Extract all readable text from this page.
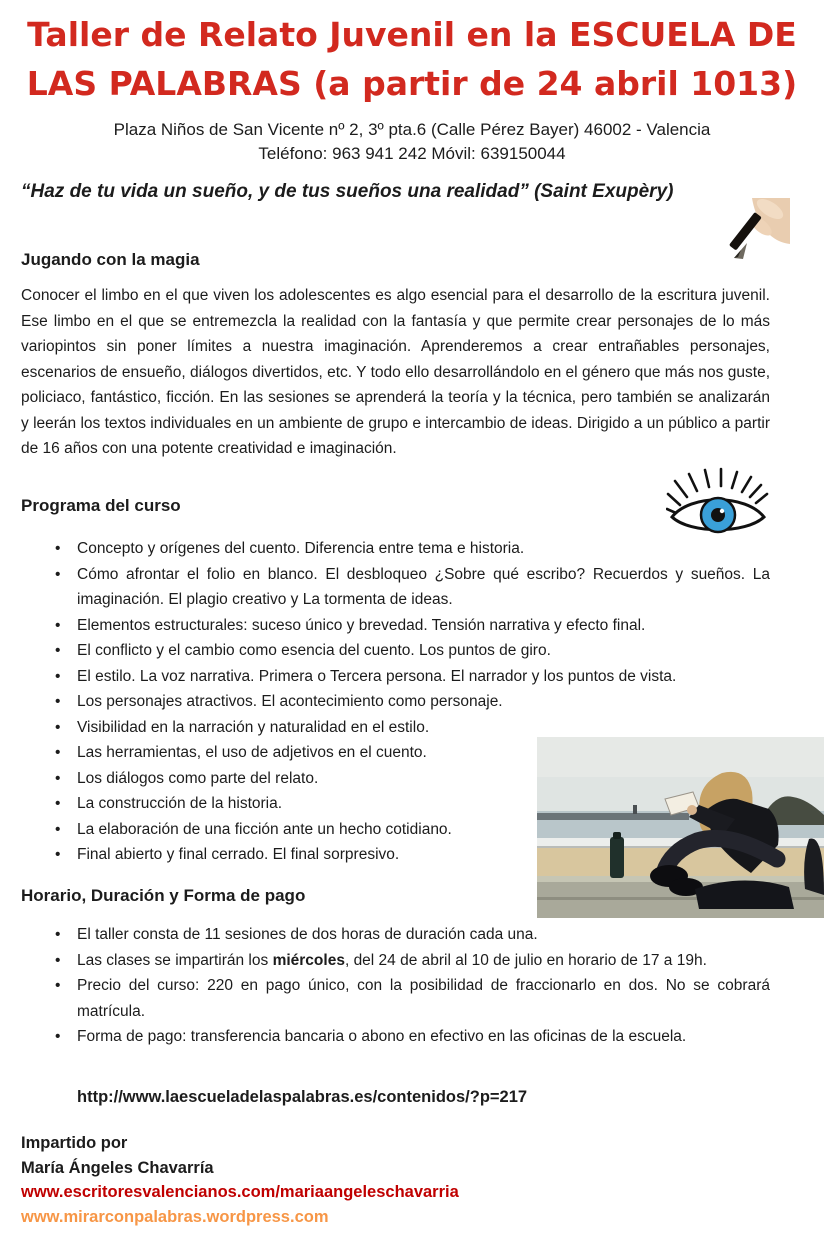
Taller de Relato Juvenil en la ESCUELA DE
LAS PALABRAS (a partir de 24 abril 1013)
Plaza Niños de San Vicente nº 2, 3º pta.6 (Calle Pérez Bayer) 46002 - Valencia
Teléfono: 963 941 242 Móvil: 639150044
“Haz de tu vida un sueño, y de tus sueños una realidad” (Saint Exupèry)
Jugando con la magia
Conocer el limbo en el que viven los adolescentes es algo esencial para el desarrollo de la escritura juvenil. Ese limbo en el que se entremezcla la realidad con la fantasía y que permite crear personajes de lo más variopintos sin poner límites a nuestra imaginación. Aprenderemos a crear entrañables personajes, escenarios de ensueño, diálogos divertidos, etc. Y todo ello desarrollándolo en el género que más nos guste, policiaco, fantástico, ficción. En las sesiones se aprenderá la teoría y la técnica, pero también se analizarán y leerán los textos individuales en un ambiente de grupo e intercambio de ideas. Dirigido a un público a partir de 16 años con una potente creatividad e imaginación.
Programa del curso
• Concepto y orígenes del cuento. Diferencia entre tema e historia.
• Cómo afrontar el folio en blanco. El desbloqueo ¿Sobre qué escribo? Recuerdos y sueños. La imaginación. El plagio creativo y La tormenta de ideas.
• Elementos estructurales: suceso único y brevedad. Tensión narrativa y efecto final.
• El conflicto y el cambio como esencia del cuento. Los puntos de giro.
• El estilo. La voz narrativa. Primera o Tercera persona. El narrador y los puntos de vista.
• Los personajes atractivos. El acontecimiento como personaje.
• Visibilidad en la narración y naturalidad en el estilo.
• Las herramientas, el uso de adjetivos en el cuento.
• Los diálogos como parte del relato.
• La construcción de la historia.
• La elaboración de una ficción ante un hecho cotidiano.
• Final abierto y final cerrado. El final sorpresivo.
Horario, Duración y Forma de pago
• El taller consta de 11 sesiones de dos horas de duración cada una.
• Las clases se impartirán los miércoles, del 24 de abril al 10 de julio en horario de 17 a 19h.
• Precio del curso: 220 en pago único, con la posibilidad de fraccionarlo en dos. No se cobrará matrícula.
• Forma de pago: transferencia bancaria o abono en efectivo en las oficinas de la escuela.
http://www.laescueladelaspalabras.es/contenidos/?p=217
Impartido por
María Ángeles Chavarría
www.escritoresvalencianos.com/mariaangeleschavarria
www.mirarconpalabras.wordpress.com
